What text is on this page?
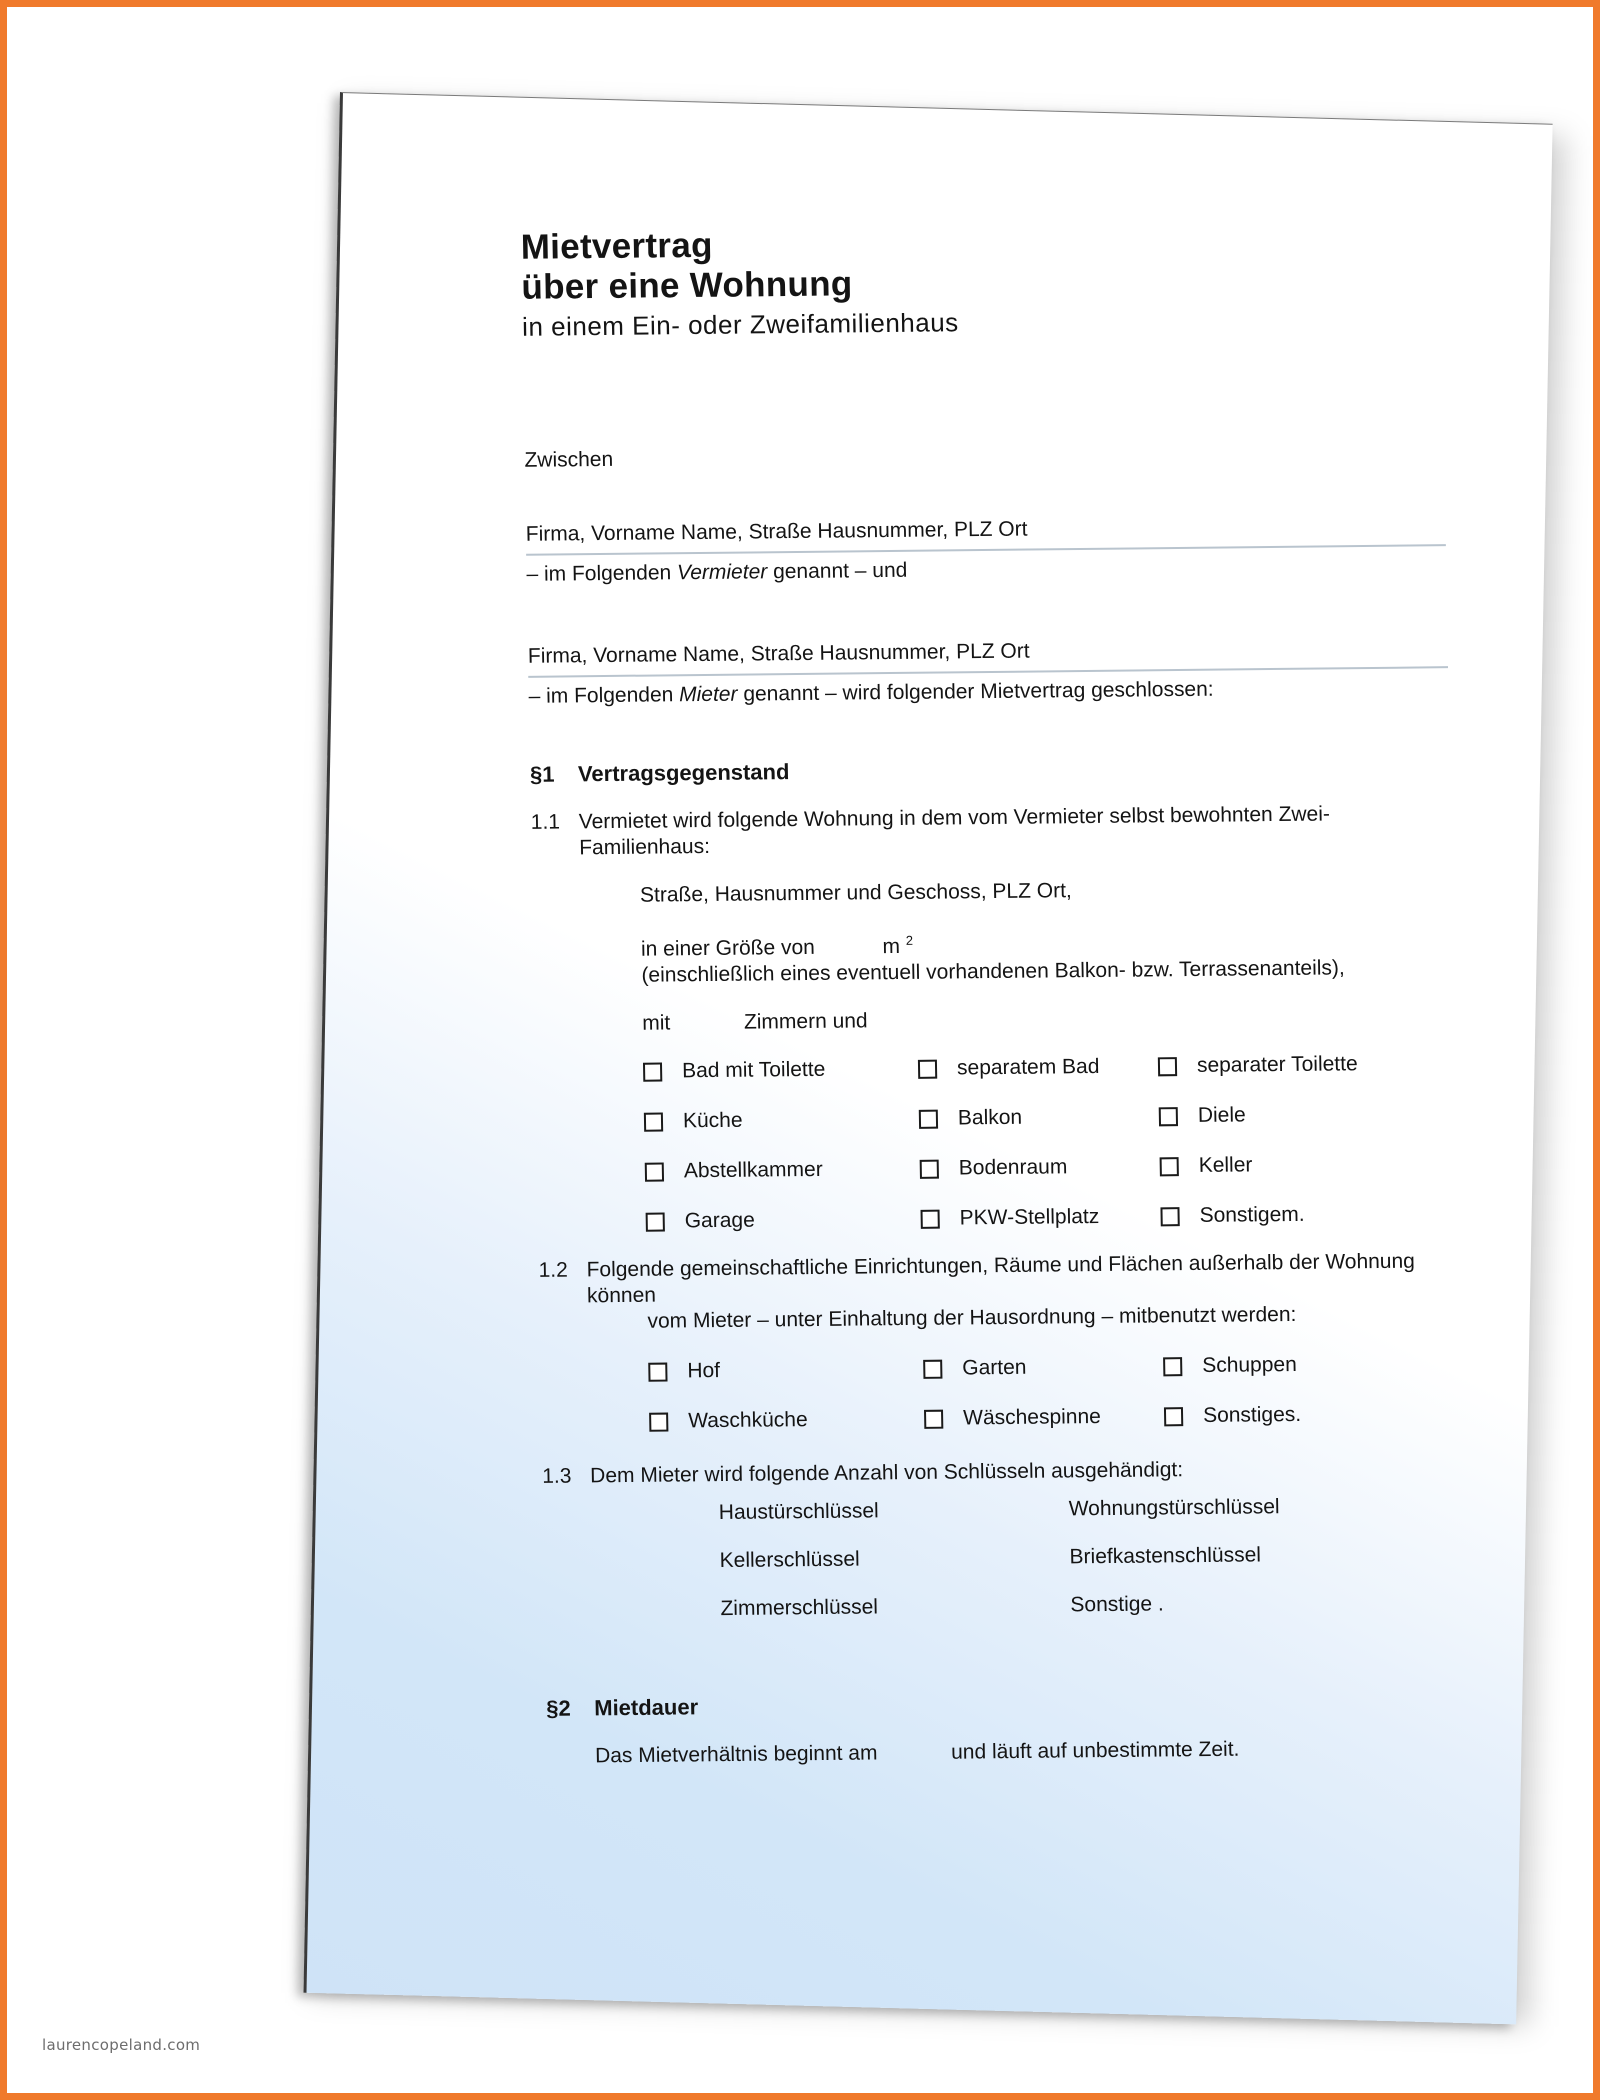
Mietvertrag
über eine Wohnung
in einem Ein- oder Zweifamilienhaus
Zwischen
Firma, Vorname Name, Straße Hausnummer, PLZ Ort
– im Folgenden Vermieter genannt – und
Firma, Vorname Name, Straße Hausnummer, PLZ Ort
– im Folgenden Mieter genannt – wird folgender Mietvertrag geschlossen:
§1	Vertragsgegenstand
1.1 Vermietet wird folgende Wohnung in dem vom Vermieter selbst bewohnten Zwei-Familienhaus:
Straße, Hausnummer und Geschoss, PLZ Ort,
in einer Größe von	m $^2$
(einschließlich eines eventuell vorhandenen Balkon- bzw. Terrassenanteils),
mit	Zimmern und
Bad mit Toilette	separatem Bad	separater Toilette
Küche	Balkon	Diele
Abstellkammer	Bodenraum	Keller
Garage	PKW-Stellplatz	Sonstigem.
1.2 Folgende gemeinschaftliche Einrichtungen, Räume und Flächen außerhalb der Wohnung können
vom Mieter – unter Einhaltung der Hausordnung – mitbenutzt werden:
Hof	Garten	Schuppen
Waschküche	Wäschespinne	Sonstiges.
1.3 Dem Mieter wird folgende Anzahl von Schlüsseln ausgehändigt:
Haustürschlüssel	Wohnungstürschlüssel
Kellerschlüssel	Briefkastenschlüssel
Zimmerschlüssel	Sonstige .
§2	Mietdauer
Das Mietverhältnis beginnt am	und läuft auf unbestimmte Zeit.
laurencopeland.com
